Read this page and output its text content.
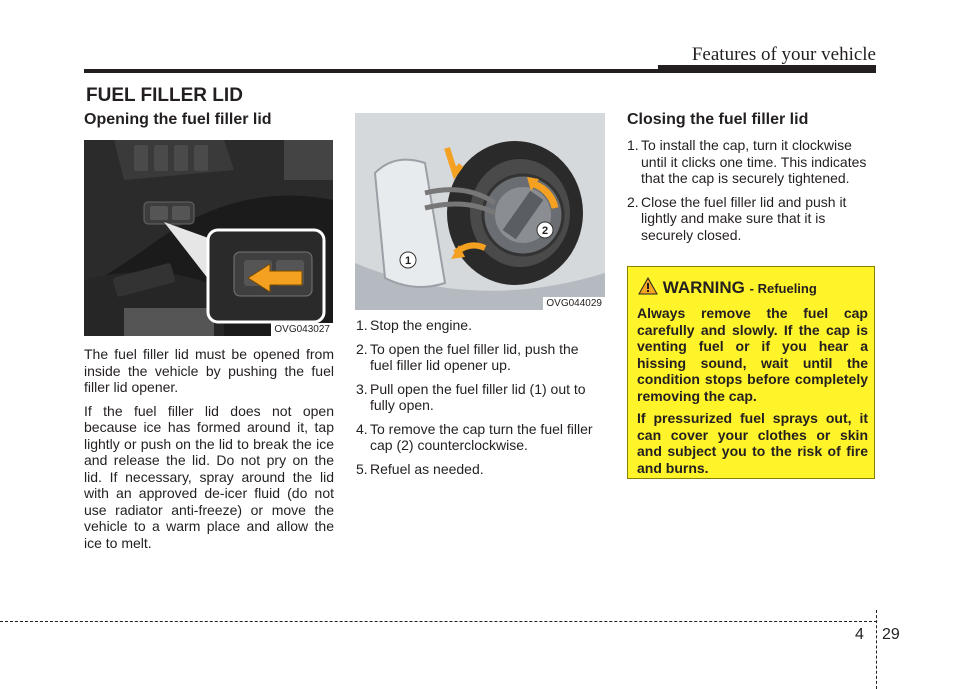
Features of your vehicle
FUEL FILLER LID
Opening the fuel filler lid
OVG043027

The fuel filler lid must be opened from inside the vehicle by pushing the fuel filler lid opener.

If the fuel filler lid does not open because ice has formed around it, tap lightly or push on the lid to break the ice and release the lid. Do not pry on the lid. If necessary, spray around the lid with an approved de-icer fluid (do not use radiator anti-freeze) or move the vehicle to a warm place and allow the ice to melt.

1
2
OVG044029
1. Stop the engine.
2. To open the fuel filler lid, push the fuel filler lid opener up.
3. Pull open the fuel filler lid (1) out to fully open.
4. To remove the cap turn the fuel filler cap (2) counterclockwise.
5. Refuel as needed.
Closing the fuel filler lid
1. To install the cap, turn it clockwise until it clicks one time. This indicates that the cap is securely tightened.
2. Close the fuel filler lid and push it lightly and make sure that it is securely closed.
WARNING - Refueling

Always remove the fuel cap carefully and slowly. If the cap is venting fuel or if you hear a hissing sound, wait until the condition stops before completely removing the cap.

If pressurized fuel sprays out, it can cover your clothes or skin and subject you to the risk of fire and burns.

4 29
